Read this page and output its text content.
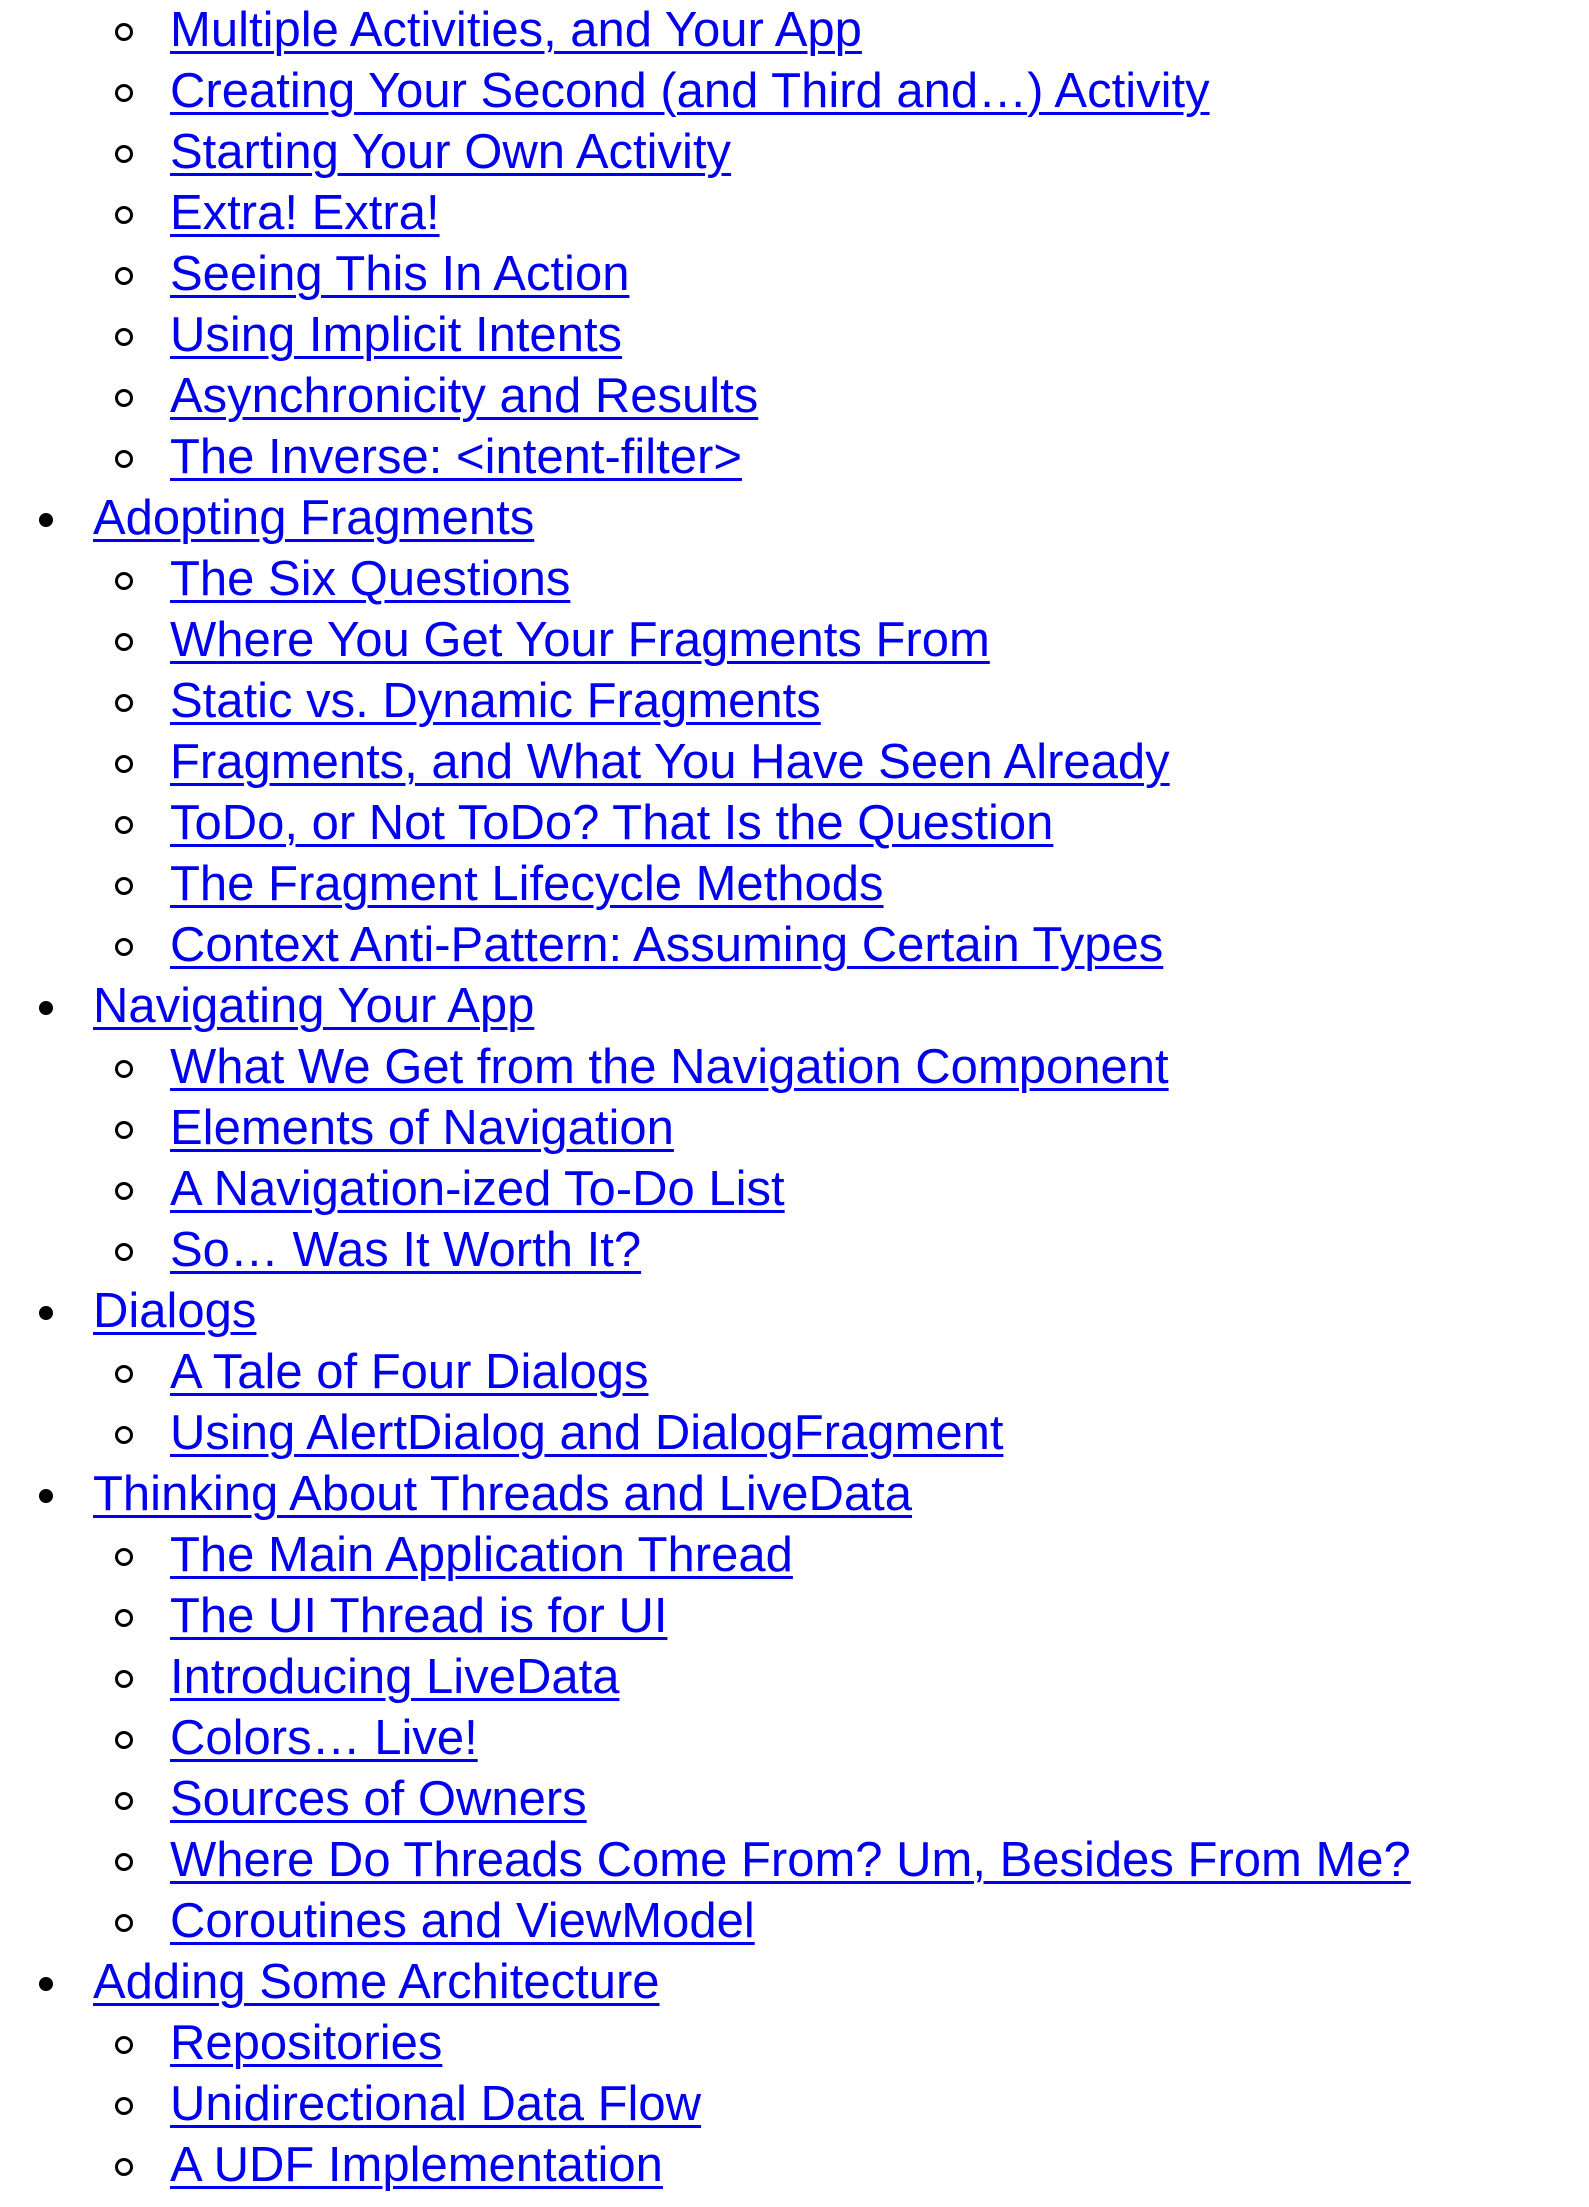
Multiple Activities, and Your App
Creating Your Second (and Third and…) Activity
Starting Your Own Activity
Extra! Extra!
Seeing This In Action
Using Implicit Intents
Asynchronicity and Results
The Inverse: <intent-filter>
Adopting Fragments
The Six Questions
Where You Get Your Fragments From
Static vs. Dynamic Fragments
Fragments, and What You Have Seen Already
ToDo, or Not ToDo? That Is the Question
The Fragment Lifecycle Methods
Context Anti-Pattern: Assuming Certain Types
Navigating Your App
What We Get from the Navigation Component
Elements of Navigation
A Navigation-ized To-Do List
So… Was It Worth It?
Dialogs
A Tale of Four Dialogs
Using AlertDialog and DialogFragment
Thinking About Threads and LiveData
The Main Application Thread
The UI Thread is for UI
Introducing LiveData
Colors… Live!
Sources of Owners
Where Do Threads Come From? Um, Besides From Me?
Coroutines and ViewModel
Adding Some Architecture
Repositories
Unidirectional Data Flow
A UDF Implementation
